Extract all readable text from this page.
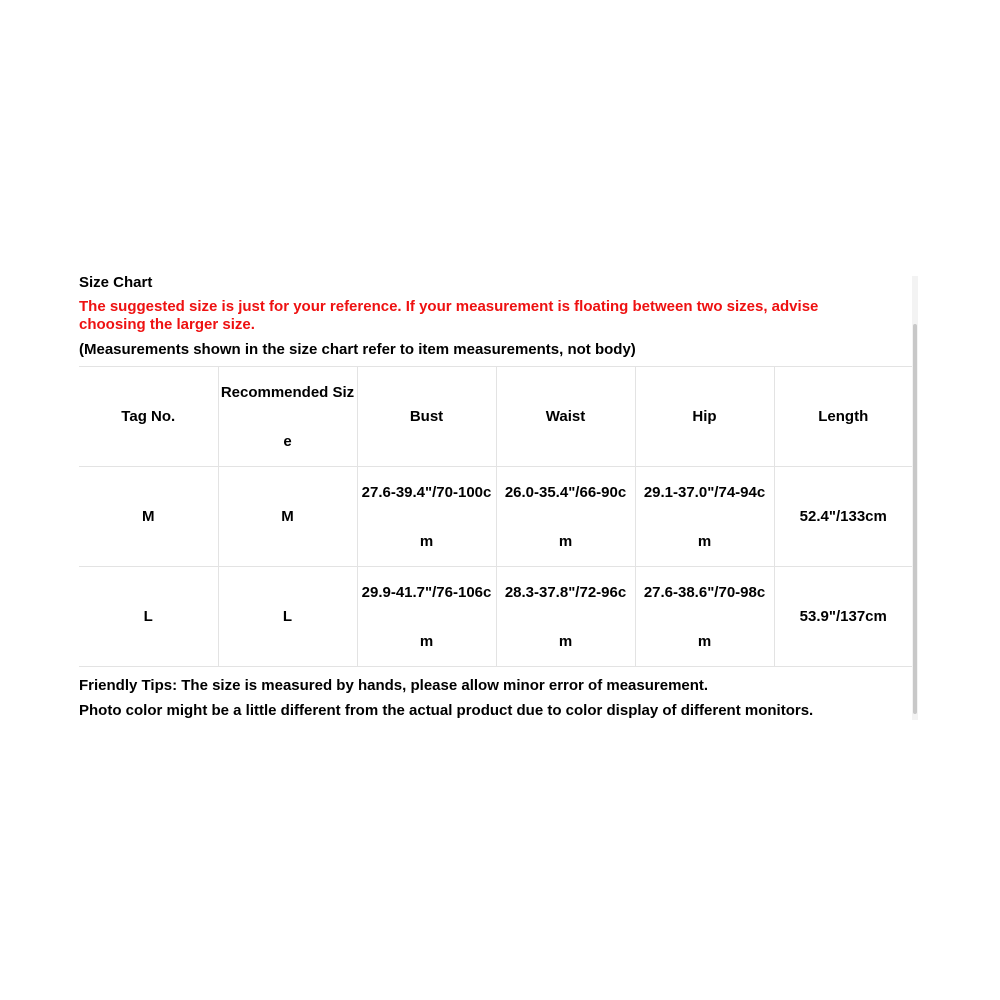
Size Chart
The suggested size is just for your reference. If your measurement is floating between two sizes, advise choosing the larger size.
(Measurements shown in the size chart refer to item measurements, not body)
Tag No.	Recommended Size	Bust	Waist	Hip	Length
M	M	27.6-39.4"/70-100cm	26.0-35.4"/66-90cm	29.1-37.0"/74-94cm	52.4"/133cm
L	L	29.9-41.7"/76-106cm	28.3-37.8"/72-96cm	27.6-38.6"/70-98cm	53.9"/137cm
Friendly Tips: The size is measured by hands, please allow minor error of measurement.
Photo color might be a little different from the actual product due to color display of different monitors.
